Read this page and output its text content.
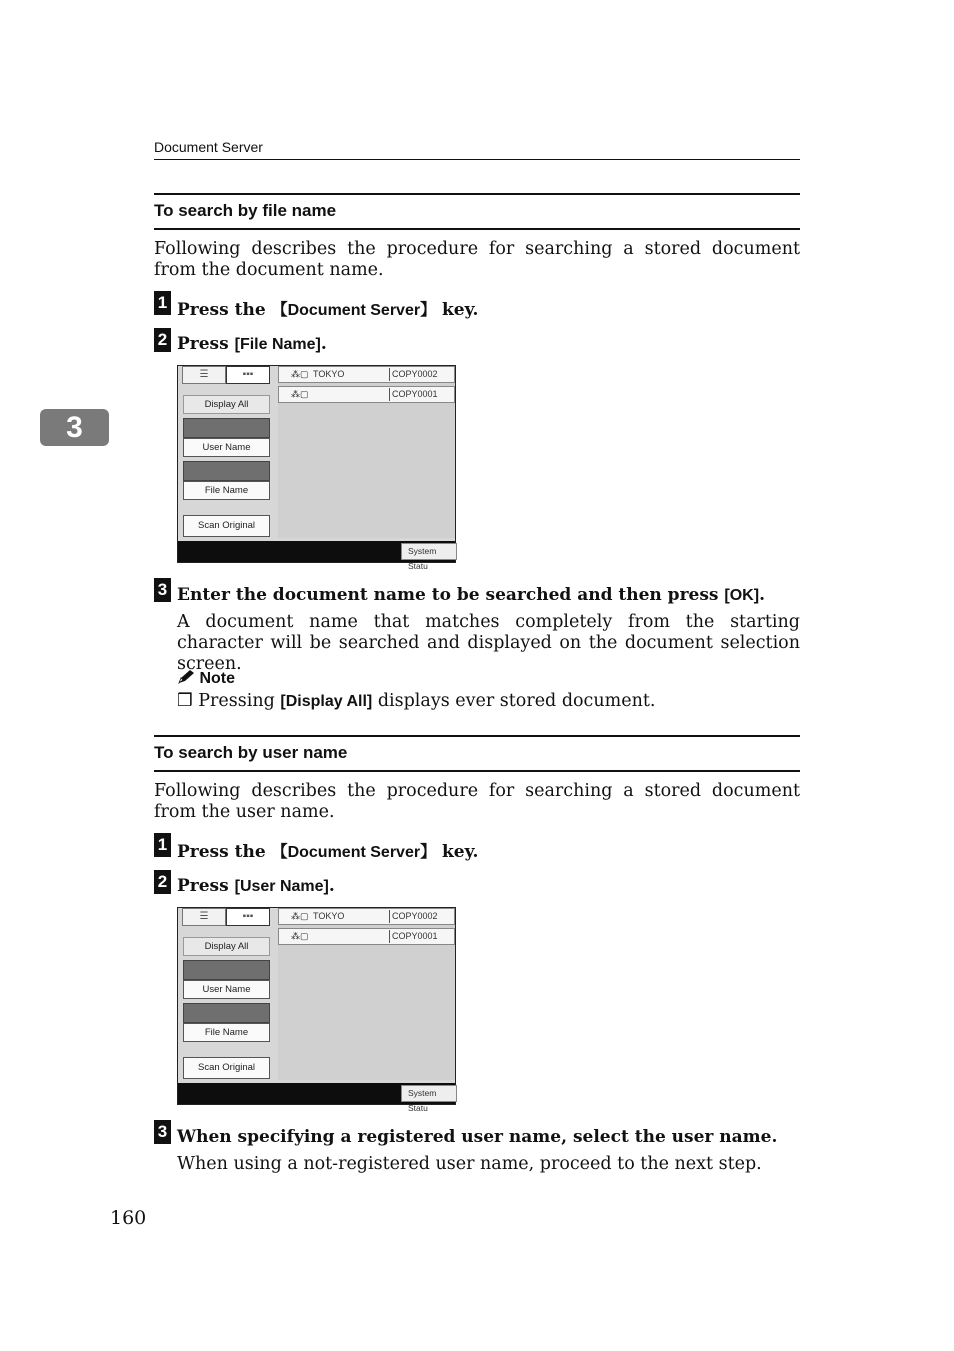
Document Server
3
To search by file name
Following describes the procedure for searching a stored document from the document name.
1 Press the 【Document Server】 key.
2 Press [File Name].
☰	▪▪▪
Display All
User Name
File Name
Scan Original
⁂▢ TOKYO	COPY0002
⁂▢	COPY0001
System Statu
3 Enter the document name to be searched and then press [OK].
A document name that matches completely from the starting character will be searched and displayed on the document selection screen.
Note
❒ Pressing [Display All] displays ever stored document.
To search by user name
Following describes the procedure for searching a stored document from the user name.
1 Press the 【Document Server】 key.
2 Press [User Name].
☰	▪▪▪
Display All
User Name
File Name
Scan Original
⁂▢ TOKYO	COPY0002
⁂▢	COPY0001
System Statu
3 When specifying a registered user name, select the user name.
When using a not-registered user name, proceed to the next step.
160
